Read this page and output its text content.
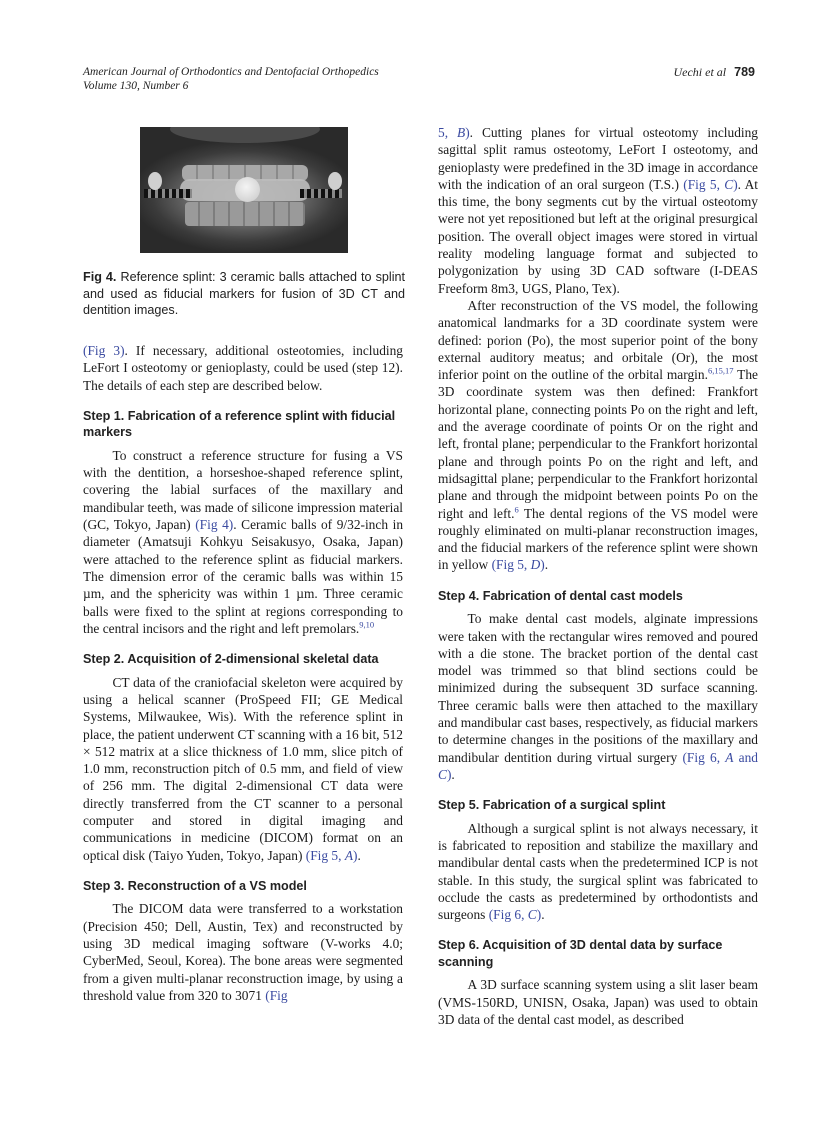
American Journal of Orthodontics and Dentofacial Orthopedics
Volume 130, Number 6
Uechi et al 789
Fig 4. Reference splint: 3 ceramic balls attached to splint and used as fiducial markers for fusion of 3D CT and dentition images.

(Fig 3). If necessary, additional osteotomies, including LeFort I osteotomy or genioplasty, could be used (step 12). The details of each step are described below.

Step 1. Fabrication of a reference splint with fiducial markers

To construct a reference structure for fusing a VS with the dentition, a horseshoe-shaped reference splint, covering the labial surfaces of the maxillary and mandibular teeth, was made of silicone impression material (GC, Tokyo, Japan) (Fig 4). Ceramic balls of 9/32-inch in diameter (Amatsuji Kohkyu Seisakusyo, Osaka, Japan) were attached to the reference splint as fiducial markers. The dimension error of the ceramic balls was within 15 µm, and the sphericity was within 1 µm. Three ceramic balls were fixed to the splint at regions corresponding to the central incisors and the right and left premolars.$^{9,10}$

Step 2. Acquisition of 2-dimensional skeletal data

CT data of the craniofacial skeleton were acquired by using a helical scanner (ProSpeed FII; GE Medical Systems, Milwaukee, Wis). With the reference splint in place, the patient underwent CT scanning with a 16 bit, 512 × 512 matrix at a slice thickness of 1.0 mm, slice pitch of 1.0 mm, reconstruction pitch of 0.5 mm, and field of view of 256 mm. The digital 2-dimensional CT data were directly transferred from the CT scanner to a personal computer and stored in digital imaging and communications in medicine (DICOM) format on an optical disk (Taiyo Yuden, Tokyo, Japan) (Fig 5, A).

Step 3. Reconstruction of a VS model

The DICOM data were transferred to a workstation (Precision 450; Dell, Austin, Tex) and reconstructed by using 3D medical imaging software (V-works 4.0; CyberMed, Seoul, Korea). The bone areas were segmented from a given multi-planar reconstruction image, by using a threshold value from 320 to 3071 (Fig

5, B). Cutting planes for virtual osteotomy including sagittal split ramus osteotomy, LeFort I osteotomy, and genioplasty were predefined in the 3D image in accordance with the indication of an oral surgeon (T.S.) (Fig 5, C). At this time, the bony segments cut by the virtual osteotomy were not yet repositioned but left at the original presurgical position. The overall object images were stored in virtual reality modeling language format and subjected to polygonization by using 3D CAD software (I-DEAS Freeform 8m3, UGS, Plano, Tex).

After reconstruction of the VS model, the following anatomical landmarks for a 3D coordinate system were defined: porion (Po), the most superior point of the bony external auditory meatus; and orbitale (Or), the most inferior point on the outline of the orbital margin.$^{6,15,17}$ The 3D coordinate system was then defined: Frankfort horizontal plane, connecting points Po on the right and left, and the average coordinate of points Or on the right and left, frontal plane; perpendicular to the Frankfort horizontal plane and through points Po on the right and left, and midsagittal plane; perpendicular to the Frankfort horizontal plane and through the midpoint between points Po on the right and left.$^6$ The dental regions of the VS model were roughly eliminated on multi-planar reconstruction images, and the fiducial markers of the reference splint were shown in yellow (Fig 5, D).

Step 4. Fabrication of dental cast models

To make dental cast models, alginate impressions were taken with the rectangular wires removed and poured with a die stone. The bracket portion of the dental cast model was trimmed so that blind sections could be minimized during the subsequent 3D surface scanning. Three ceramic balls were then attached to the maxillary and mandibular cast bases, respectively, as fiducial markers to determine changes in the positions of the maxillary and mandibular dentition during virtual surgery (Fig 6, A and C).

Step 5. Fabrication of a surgical splint

Although a surgical splint is not always necessary, it is fabricated to reposition and stabilize the maxillary and mandibular dental casts when the predetermined ICP is not stable. In this study, the surgical splint was fabricated to occlude the casts as predetermined by orthodontists and surgeons (Fig 6, C).

Step 6. Acquisition of 3D dental data by surface scanning

A 3D surface scanning system using a slit laser beam (VMS-150RD, UNISN, Osaka, Japan) was used to obtain 3D data of the dental cast model, as described
